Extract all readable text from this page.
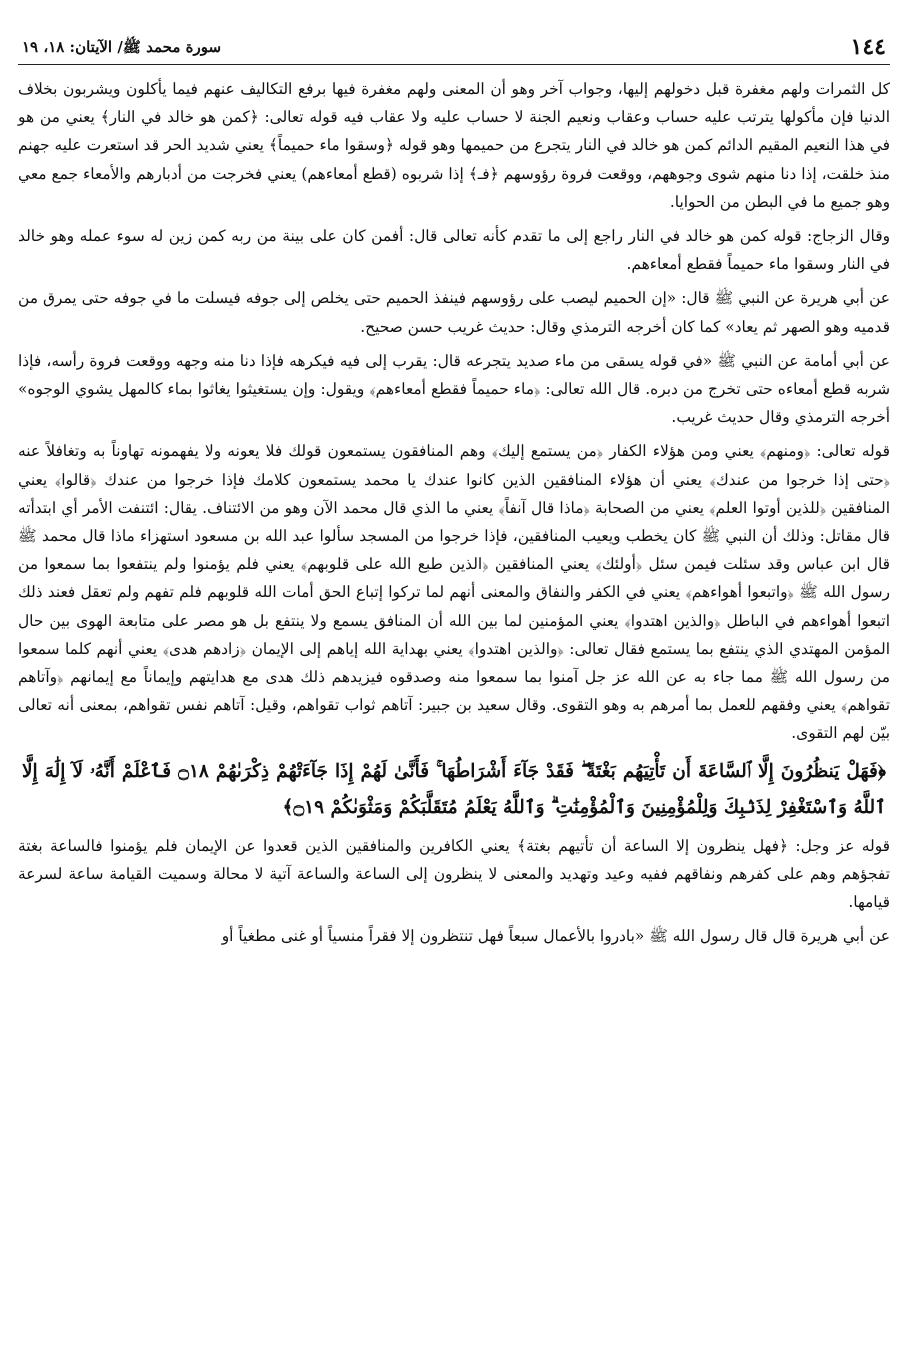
١٤٤
سورة محمد ﷺ/ الآيتان: ١٨، ١٩

كل الثمرات ولهم مغفرة قبل دخولهم إليها، وجواب آخر وهو أن المعنى ولهم مغفرة فيها برفع التكاليف عنهم فيما يأكلون ويشربون بخلاف الدنيا فإن مأكولها يترتب عليه حساب وعقاب ونعيم الجنة لا حساب عليه ولا عقاب فيه قوله تعالى: ﴿كمن هو خالد في النار﴾ يعني من هو في هذا النعيم المقيم الدائم كمن هو خالد في النار يتجرع من حميمها وهو قوله ﴿وسقوا ماء حميماً﴾ يعني شديد الحر قد استعرت عليه جهنم منذ خلقت، إذا دنا منهم شوى وجوههم، ووقعت فروة رؤوسهم ﴿فـ﴾ إذا شربوه (قطع أمعاءهم) يعني فخرجت من أدبارهم والأمعاء جمع معي وهو جميع ما في البطن من الحوايا.

وقال الزجاج: قوله كمن هو خالد في النار راجع إلى ما تقدم كأنه تعالى قال: أفمن كان على بينة من ربه كمن زين له سوء عمله وهو خالد في النار وسقوا ماء حميماً فقطع أمعاءهم.

عن أبي هريرة عن النبي ﷺ قال: «إن الحميم ليصب على رؤوسهم فينفذ الحميم حتى يخلص إلى جوفه فيسلت ما في جوفه حتى يمرق من قدميه وهو الصهر ثم يعاد» كما كان أخرجه الترمذي وقال: حديث غريب حسن صحيح.

عن أبي أمامة عن النبي ﷺ «في قوله يسقى من ماء صديد يتجرعه قال: يقرب إلى فيه فيكرهه فإذا دنا منه وجهه ووقعت فروة رأسه، فإذا شربه قطع أمعاءه حتى تخرج من دبره. قال الله تعالى: ﴿ماء حميماً فقطع أمعاءهم﴾ ويقول: وإن يستغيثوا يغاثوا بماء كالمهل يشوي الوجوه» أخرجه الترمذي وقال حديث غريب.

قوله تعالى: ﴿ومنهم﴾ يعني ومن هؤلاء الكفار ﴿من يستمع إليك﴾ وهم المنافقون يستمعون قولك فلا يعونه ولا يفهمونه تهاوناً به وتغافلاً عنه ﴿حتى إذا خرجوا من عندك﴾ يعني أن هؤلاء المنافقين الذين كانوا عندك يا محمد يستمعون كلامك فإذا خرجوا من عندك ﴿قالوا﴾ يعني المنافقين ﴿للذين أوتوا العلم﴾ يعني من الصحابة ﴿ماذا قال آنفاً﴾ يعني ما الذي قال محمد الآن وهو من الائتناف. يقال: ائتنفت الأمر أي ابتدأته قال مقاتل: وذلك أن النبي ﷺ كان يخطب ويعيب المنافقين، فإذا خرجوا من المسجد سألوا عبد الله بن مسعود استهزاء ماذا قال محمد ﷺ قال ابن عباس وقد سئلت فيمن سئل ﴿أولئك﴾ يعني المنافقين ﴿الذين طبع الله على قلوبهم﴾ يعني فلم يؤمنوا ولم ينتفعوا بما سمعوا من رسول الله ﷺ ﴿واتبعوا أهواءهم﴾ يعني في الكفر والنفاق والمعنى أنهم لما تركوا إتباع الحق أمات الله قلوبهم فلم تفهم ولم تعقل فعند ذلك اتبعوا أهواءهم في الباطل ﴿والذين اهتدوا﴾ يعني المؤمنين لما بين الله أن المنافق يسمع ولا ينتفع بل هو مصر على متابعة الهوى بين حال المؤمن المهتدي الذي ينتفع بما يستمع فقال تعالى: ﴿والذين اهتدوا﴾ يعني بهداية الله إياهم إلى الإيمان ﴿زادهم هدى﴾ يعني أنهم كلما سمعوا من رسول الله ﷺ مما جاء به عن الله عز جل آمنوا بما سمعوا منه وصدقوه فيزيدهم ذلك هدى مع هدايتهم وإيماناً مع إيمانهم ﴿وآتاهم تقواهم﴾ يعني وفقهم للعمل بما أمرهم به وهو التقوى. وقال سعيد بن جبير: آتاهم ثواب تقواهم، وقيل: آتاهم نفس تقواهم، بمعنى أنه تعالى بيّن لهم التقوى.

﴿فَهَلْ يَنظُرُونَ إِلَّا ٱلسَّاعَةَ أَن تَأْتِيَهُم بَغْتَةً ۖ فَقَدْ جَآءَ أَشْرَاطُهَا ۚ فَأَنَّىٰ لَهُمْ إِذَا جَآءَتْهُمْ ذِكْرَىٰهُمْ ۝١٨ فَٱعْلَمْ أَنَّهُۥ لَآ إِلَٰهَ إِلَّا ٱللَّهُ وَٱسْتَغْفِرْ لِذَنۢبِكَ وَلِلْمُؤْمِنِينَ وَٱلْمُؤْمِنَٰتِ ۗ وَٱللَّهُ يَعْلَمُ مُتَقَلَّبَكُمْ وَمَثْوَىٰكُمْ ۝١٩﴾

قوله عز وجل: ﴿فهل ينظرون إلا الساعة أن تأتيهم بغتة﴾ يعني الكافرين والمنافقين الذين قعدوا عن الإيمان فلم يؤمنوا فالساعة بغتة تفجؤهم وهم على كفرهم ونفاقهم ففيه وعيد وتهديد والمعنى لا ينظرون إلى الساعة والساعة آتية لا محالة وسميت القيامة ساعة لسرعة قيامها.

عن أبي هريرة قال قال رسول الله ﷺ «بادروا بالأعمال سبعاً فهل تنتظرون إلا فقراً منسياً أو غنى مطغياً أو
